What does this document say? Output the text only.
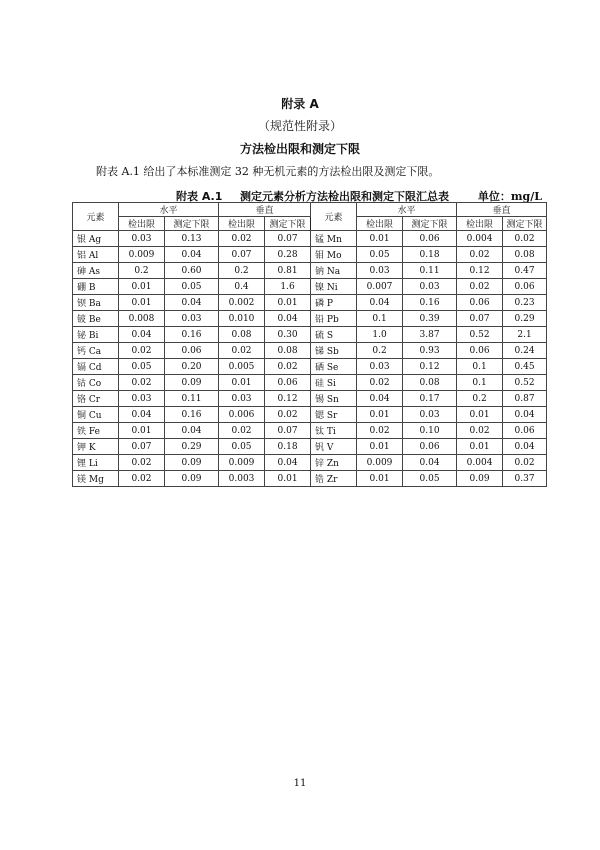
附录 A
（规范性附录）
方法检出限和测定下限
附表 A.1 给出了本标准测定 32 种无机元素的方法检出限及测定下限。
附表 A.1 测定元素分析方法检出限和测定下限汇总表	单位：mg/L
元素	水平		垂直		元素	水平		垂直	
	检出限	测定下限	检出限	测定下限		检出限	测定下限	检出限	测定下限
银 Ag	0.03	0.13	0.02	0.07	锰 Mn	0.01	0.06	0.004	0.02
铝 Al	0.009	0.04	0.07	0.28	钼 Mo	0.05	0.18	0.02	0.08
砷 As	0.2	0.60	0.2	0.81	钠 Na	0.03	0.11	0.12	0.47
硼 B	0.01	0.05	0.4	1.6	镍 Ni	0.007	0.03	0.02	0.06
钡 Ba	0.01	0.04	0.002	0.01	磷 P	0.04	0.16	0.06	0.23
铍 Be	0.008	0.03	0.010	0.04	铅 Pb	0.1	0.39	0.07	0.29
铋 Bi	0.04	0.16	0.08	0.30	硫 S	1.0	3.87	0.52	2.1
钙 Ca	0.02	0.06	0.02	0.08	锑 Sb	0.2	0.93	0.06	0.24
镉 Cd	0.05	0.20	0.005	0.02	硒 Se	0.03	0.12	0.1	0.45
钴 Co	0.02	0.09	0.01	0.06	硅 Si	0.02	0.08	0.1	0.52
铬 Cr	0.03	0.11	0.03	0.12	锡 Sn	0.04	0.17	0.2	0.87
铜 Cu	0.04	0.16	0.006	0.02	锶 Sr	0.01	0.03	0.01	0.04
铁 Fe	0.01	0.04	0.02	0.07	钛 Ti	0.02	0.10	0.02	0.06
钾 K	0.07	0.29	0.05	0.18	钒 V	0.01	0.06	0.01	0.04
锂 Li	0.02	0.09	0.009	0.04	锌 Zn	0.009	0.04	0.004	0.02
镁 Mg	0.02	0.09	0.003	0.01	锆 Zr	0.01	0.05	0.09	0.37
11
